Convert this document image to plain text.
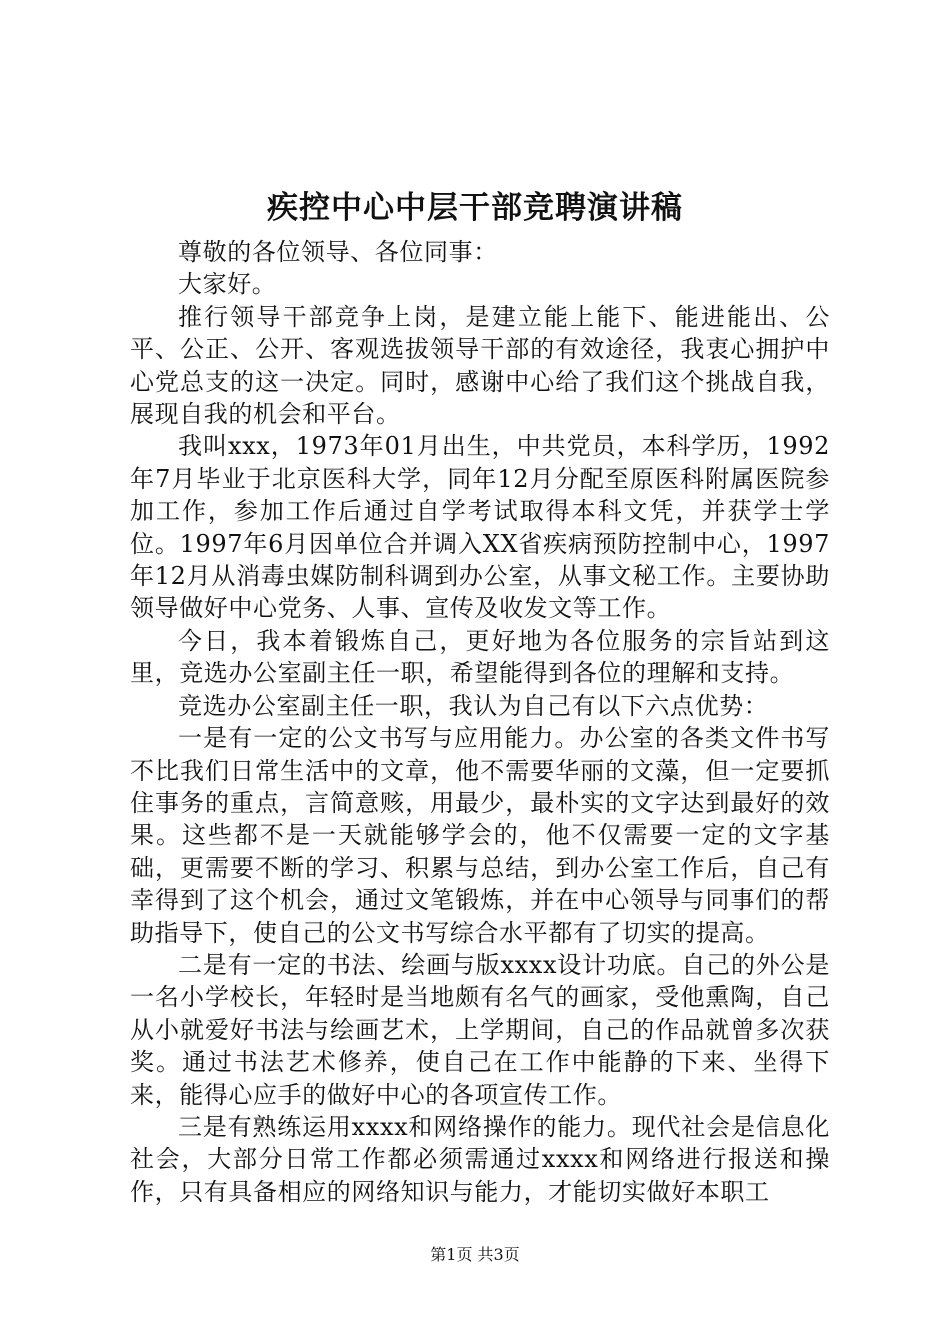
疾控中心中层干部竞聘演讲稿

尊敬的各位领导、各位同事：

大家好。

推行领导干部竞争上岗，是建立能上能下、能进能出、公平、公正、公开、客观选拔领导干部的有效途径，我衷心拥护中心党总支的这一决定。同时，感谢中心给了我们这个挑战自我，展现自我的机会和平台。

我叫xxx，1973年01月出生，中共党员，本科学历，1992年7月毕业于北京医科大学，同年12月分配至原医科附属医院参加工作，参加工作后通过自学考试取得本科文凭，并获学士学位。1997年6月因单位合并调入XX省疾病预防控制中心，1997年12月从消毒虫媒防制科调到办公室，从事文秘工作。主要协助领导做好中心党务、人事、宣传及收发文等工作。

今日，我本着锻炼自己，更好地为各位服务的宗旨站到这里，竞选办公室副主任一职，希望能得到各位的理解和支持。

竞选办公室副主任一职，我认为自己有以下六点优势：

一是有一定的公文书写与应用能力。办公室的各类文件书写不比我们日常生活中的文章，他不需要华丽的文藻，但一定要抓住事务的重点，言简意赅，用最少，最朴实的文字达到最好的效果。这些都不是一天就能够学会的，他不仅需要一定的文字基础，更需要不断的学习、积累与总结，到办公室工作后，自己有幸得到了这个机会，通过文笔锻炼，并在中心领导与同事们的帮助指导下，使自己的公文书写综合水平都有了切实的提高。

二是有一定的书法、绘画与版xxxx设计功底。自己的外公是一名小学校长，年轻时是当地颇有名气的画家，受他熏陶，自己从小就爱好书法与绘画艺术，上学期间，自己的作品就曾多次获奖。通过书法艺术修养，使自己在工作中能静的下来、坐得下来，能得心应手的做好中心的各项宣传工作。

三是有熟练运用xxxx和网络操作的能力。现代社会是信息化社会，大部分日常工作都必须需通过xxxx和网络进行报送和操作，只有具备相应的网络知识与能力，才能切实做好本职工

第1页 共3页
